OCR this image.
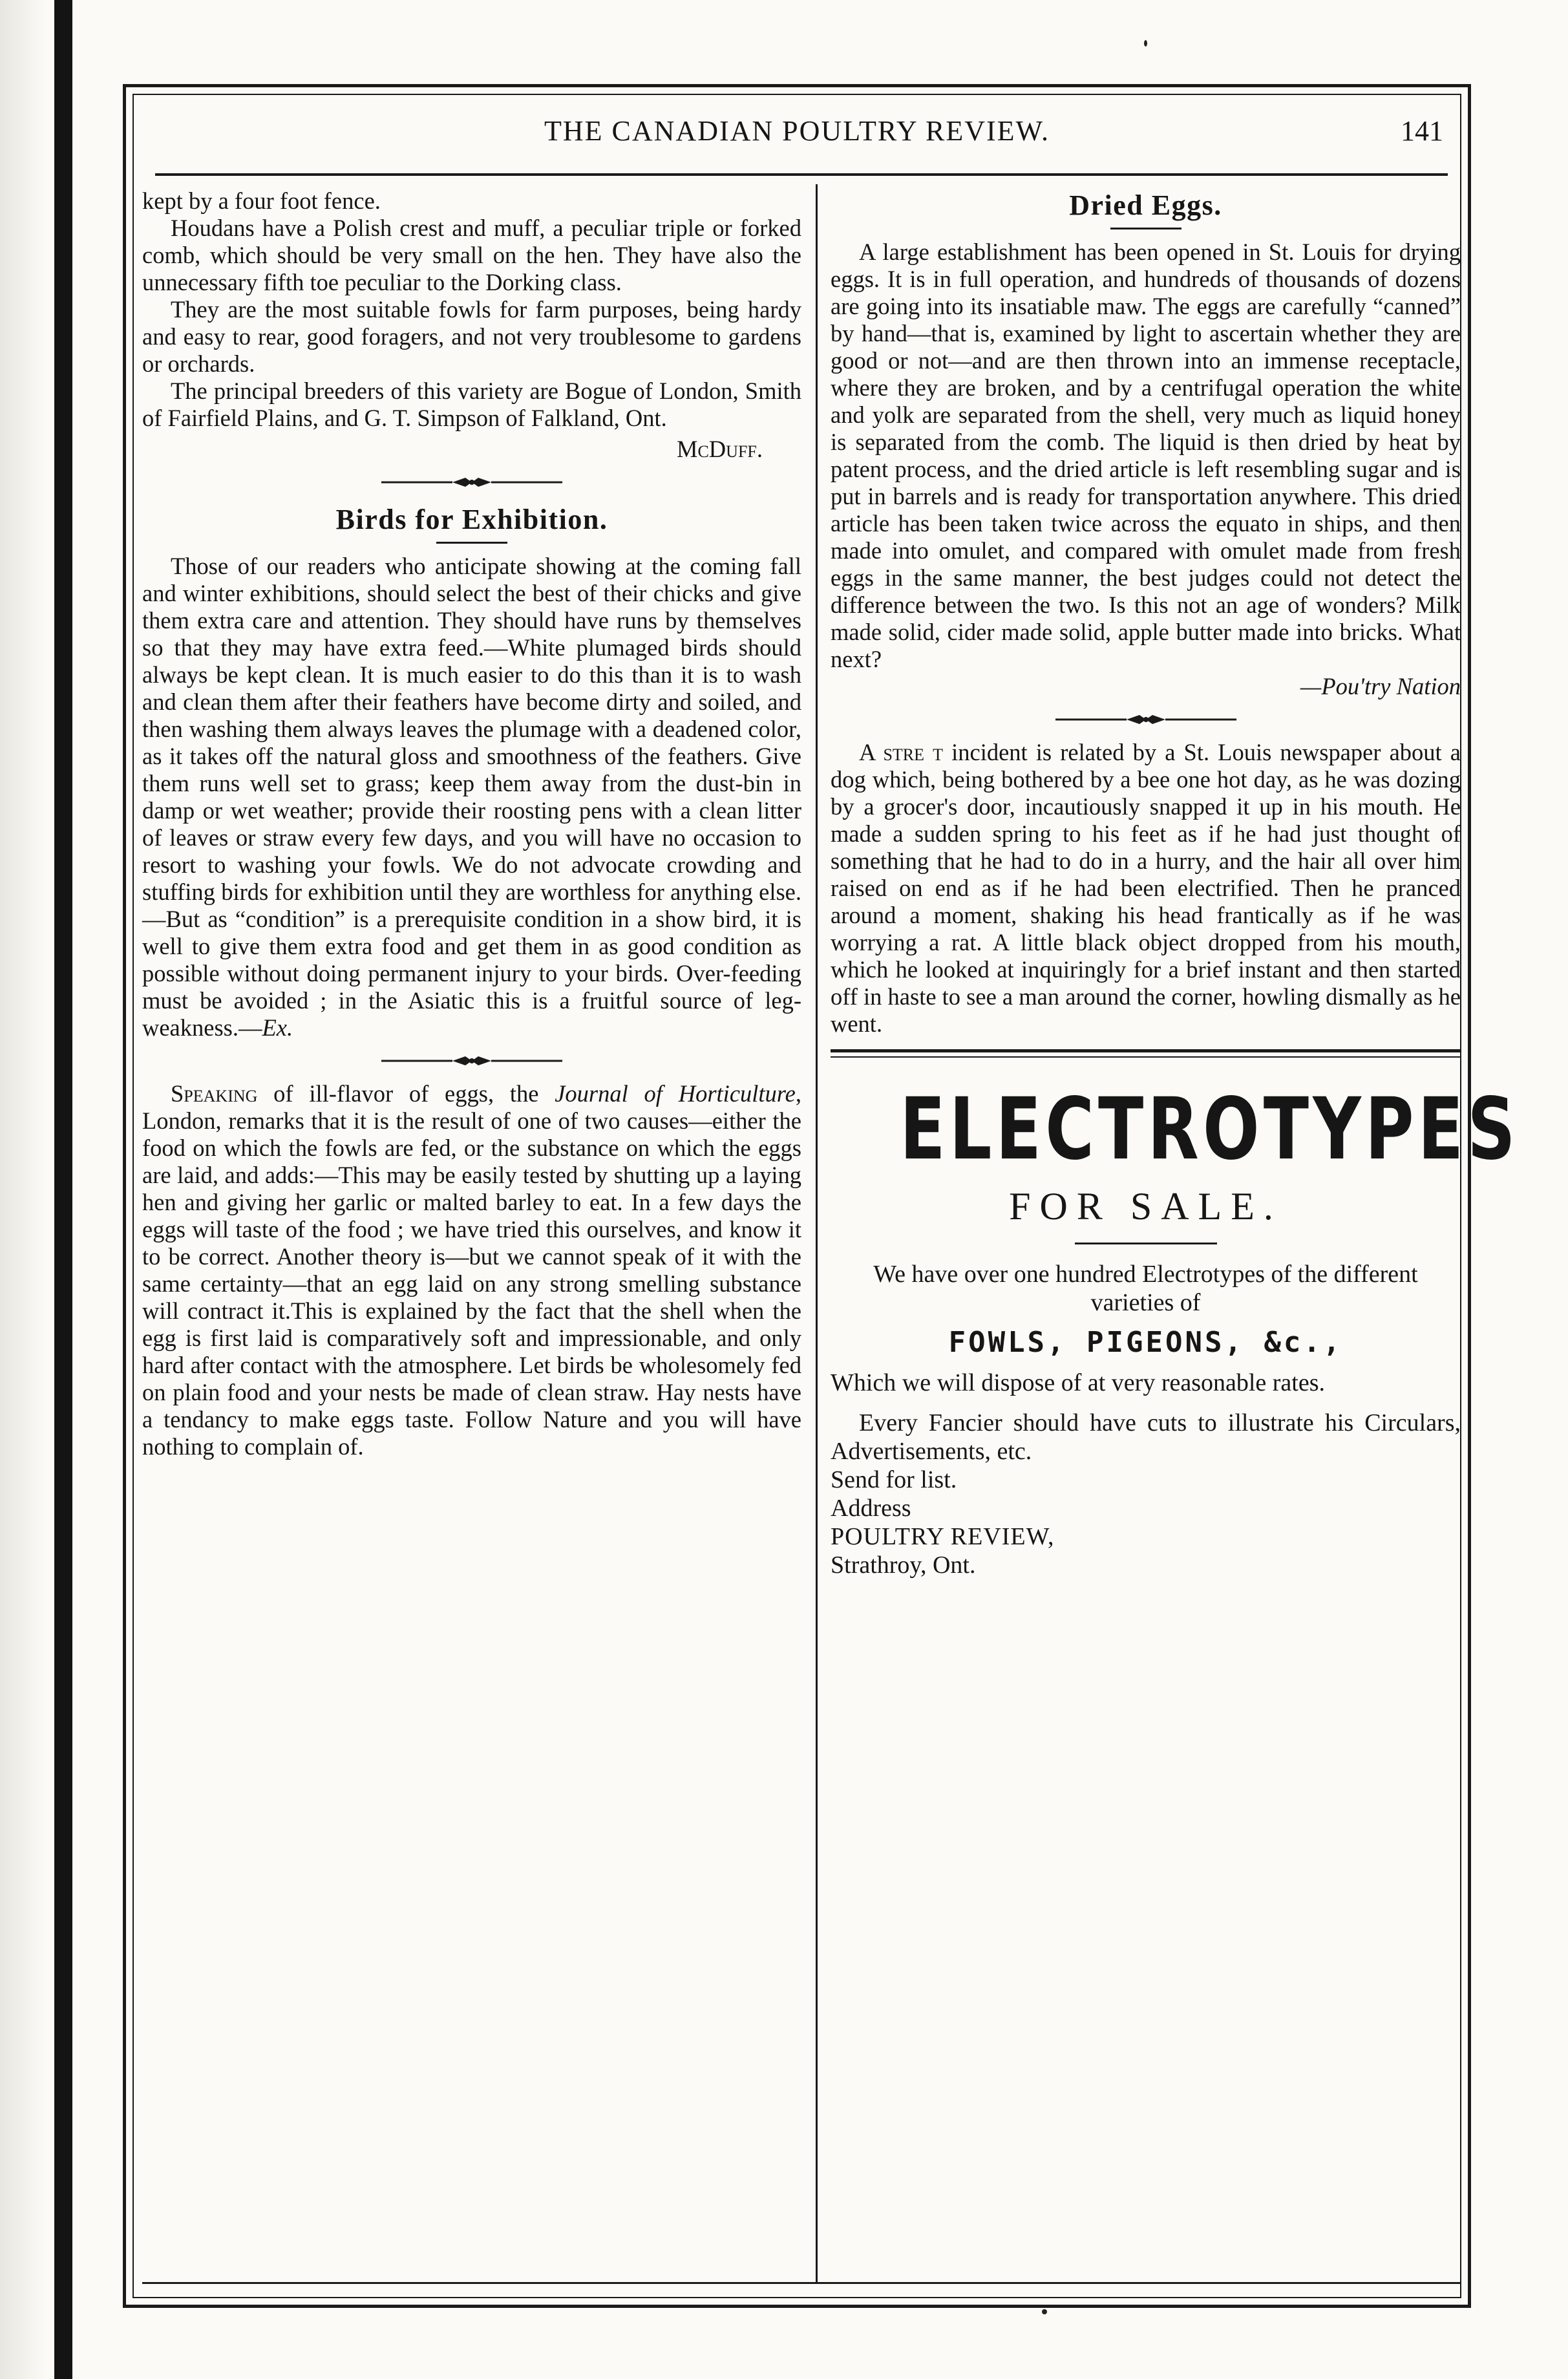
THE CANADIAN POULTRY REVIEW.	141

kept by a four foot fence.

Houdans have a Polish crest and muff, a peculiar triple or forked comb, which should be very small on the hen. They have also the unnecessary fifth toe peculiar to the Dorking class.

They are the most suitable fowls for farm purposes, being hardy and easy to rear, good foragers, and not very troublesome to gardens or orchards.

The principal breeders of this variety are Bogue of London, Smith of Fairfield Plains, and G. T. Simpson of Falkland, Ont.

McDuff.

Birds for Exhibition.

Those of our readers who anticipate showing at the coming fall and winter exhibitions, should select the best of their chicks and give them extra care and attention. They should have runs by themselves so that they may have extra feed.—White plumaged birds should always be kept clean. It is much easier to do this than it is to wash and clean them after their feathers have become dirty and soiled, and then washing them always leaves the plumage with a deadened color, as it takes off the natural gloss and smoothness of the feathers. Give them runs well set to grass; keep them away from the dust-bin in damp or wet weather; provide their roosting pens with a clean litter of leaves or straw every few days, and you will have no occasion to resort to washing your fowls. We do not advocate crowding and stuffing birds for exhibition until they are worthless for anything else.—But as “condition” is a prerequisite condition in a show bird, it is well to give them extra food and get them in as good condition as possible without doing permanent injury to your birds. Over-feeding must be avoided ; in the Asiatic this is a fruitful source of leg-weakness.—Ex.

Speaking of ill-flavor of eggs, the Journal of Horticulture, London, remarks that it is the result of one of two causes—either the food on which the fowls are fed, or the substance on which the eggs are laid, and adds:—This may be easily tested by shutting up a laying hen and giving her garlic or malted barley to eat. In a few days the eggs will taste of the food ; we have tried this ourselves, and know it to be correct. Another theory is—but we cannot speak of it with the same certainty—that an egg laid on any strong smelling substance will contract it.This is explained by the fact that the shell when the egg is first laid is comparatively soft and impressionable, and only hard after contact with the atmosphere. Let birds be wholesomely fed on plain food and your nests be made of clean straw. Hay nests have a tendancy to make eggs taste. Follow Nature and you will have nothing to complain of.

Dried Eggs.

A large establishment has been opened in St. Louis for drying eggs. It is in full operation, and hundreds of thousands of dozens are going into its insatiable maw. The eggs are carefully “canned” by hand—that is, examined by light to ascertain whether they are good or not—and are then thrown into an immense receptacle, where they are broken, and by a centrifugal operation the white and yolk are separated from the shell, very much as liquid honey is separated from the comb. The liquid is then dried by heat by patent process, and the dried article is left resembling sugar and is put in barrels and is ready for transportation anywhere. This dried article has been taken twice across the equato in ships, and then made into omulet, and compared with omulet made from fresh eggs in the same manner, the best judges could not detect the difference between the two. Is this not an age of wonders? Milk made solid, cider made solid, apple butter made into bricks. What next?

—Pou'try Nation

A stre t incident is related by a St. Louis newspaper about a dog which, being bothered by a bee one hot day, as he was dozing by a grocer's door, incautiously snapped it up in his mouth. He made a sudden spring to his feet as if he had just thought of something that he had to do in a hurry, and the hair all over him raised on end as if he had been electrified. Then he pranced around a moment, shaking his head frantically as if he was worrying a rat. A little black object dropped from his mouth, which he looked at inquiringly for a brief instant and then started off in haste to see a man around the corner, howling dismally as he went.

ELECTROTYPES
FOR SALE.

We have over one hundred Electrotypes of the different varieties of

FOWLS, PIGEONS, &c.,

Which we will dispose of at very reasonable rates.

Every Fancier should have cuts to illustrate his Circulars, Advertisements, etc.

Send for list.

Address

POULTRY REVIEW,

Strathroy, Ont.
